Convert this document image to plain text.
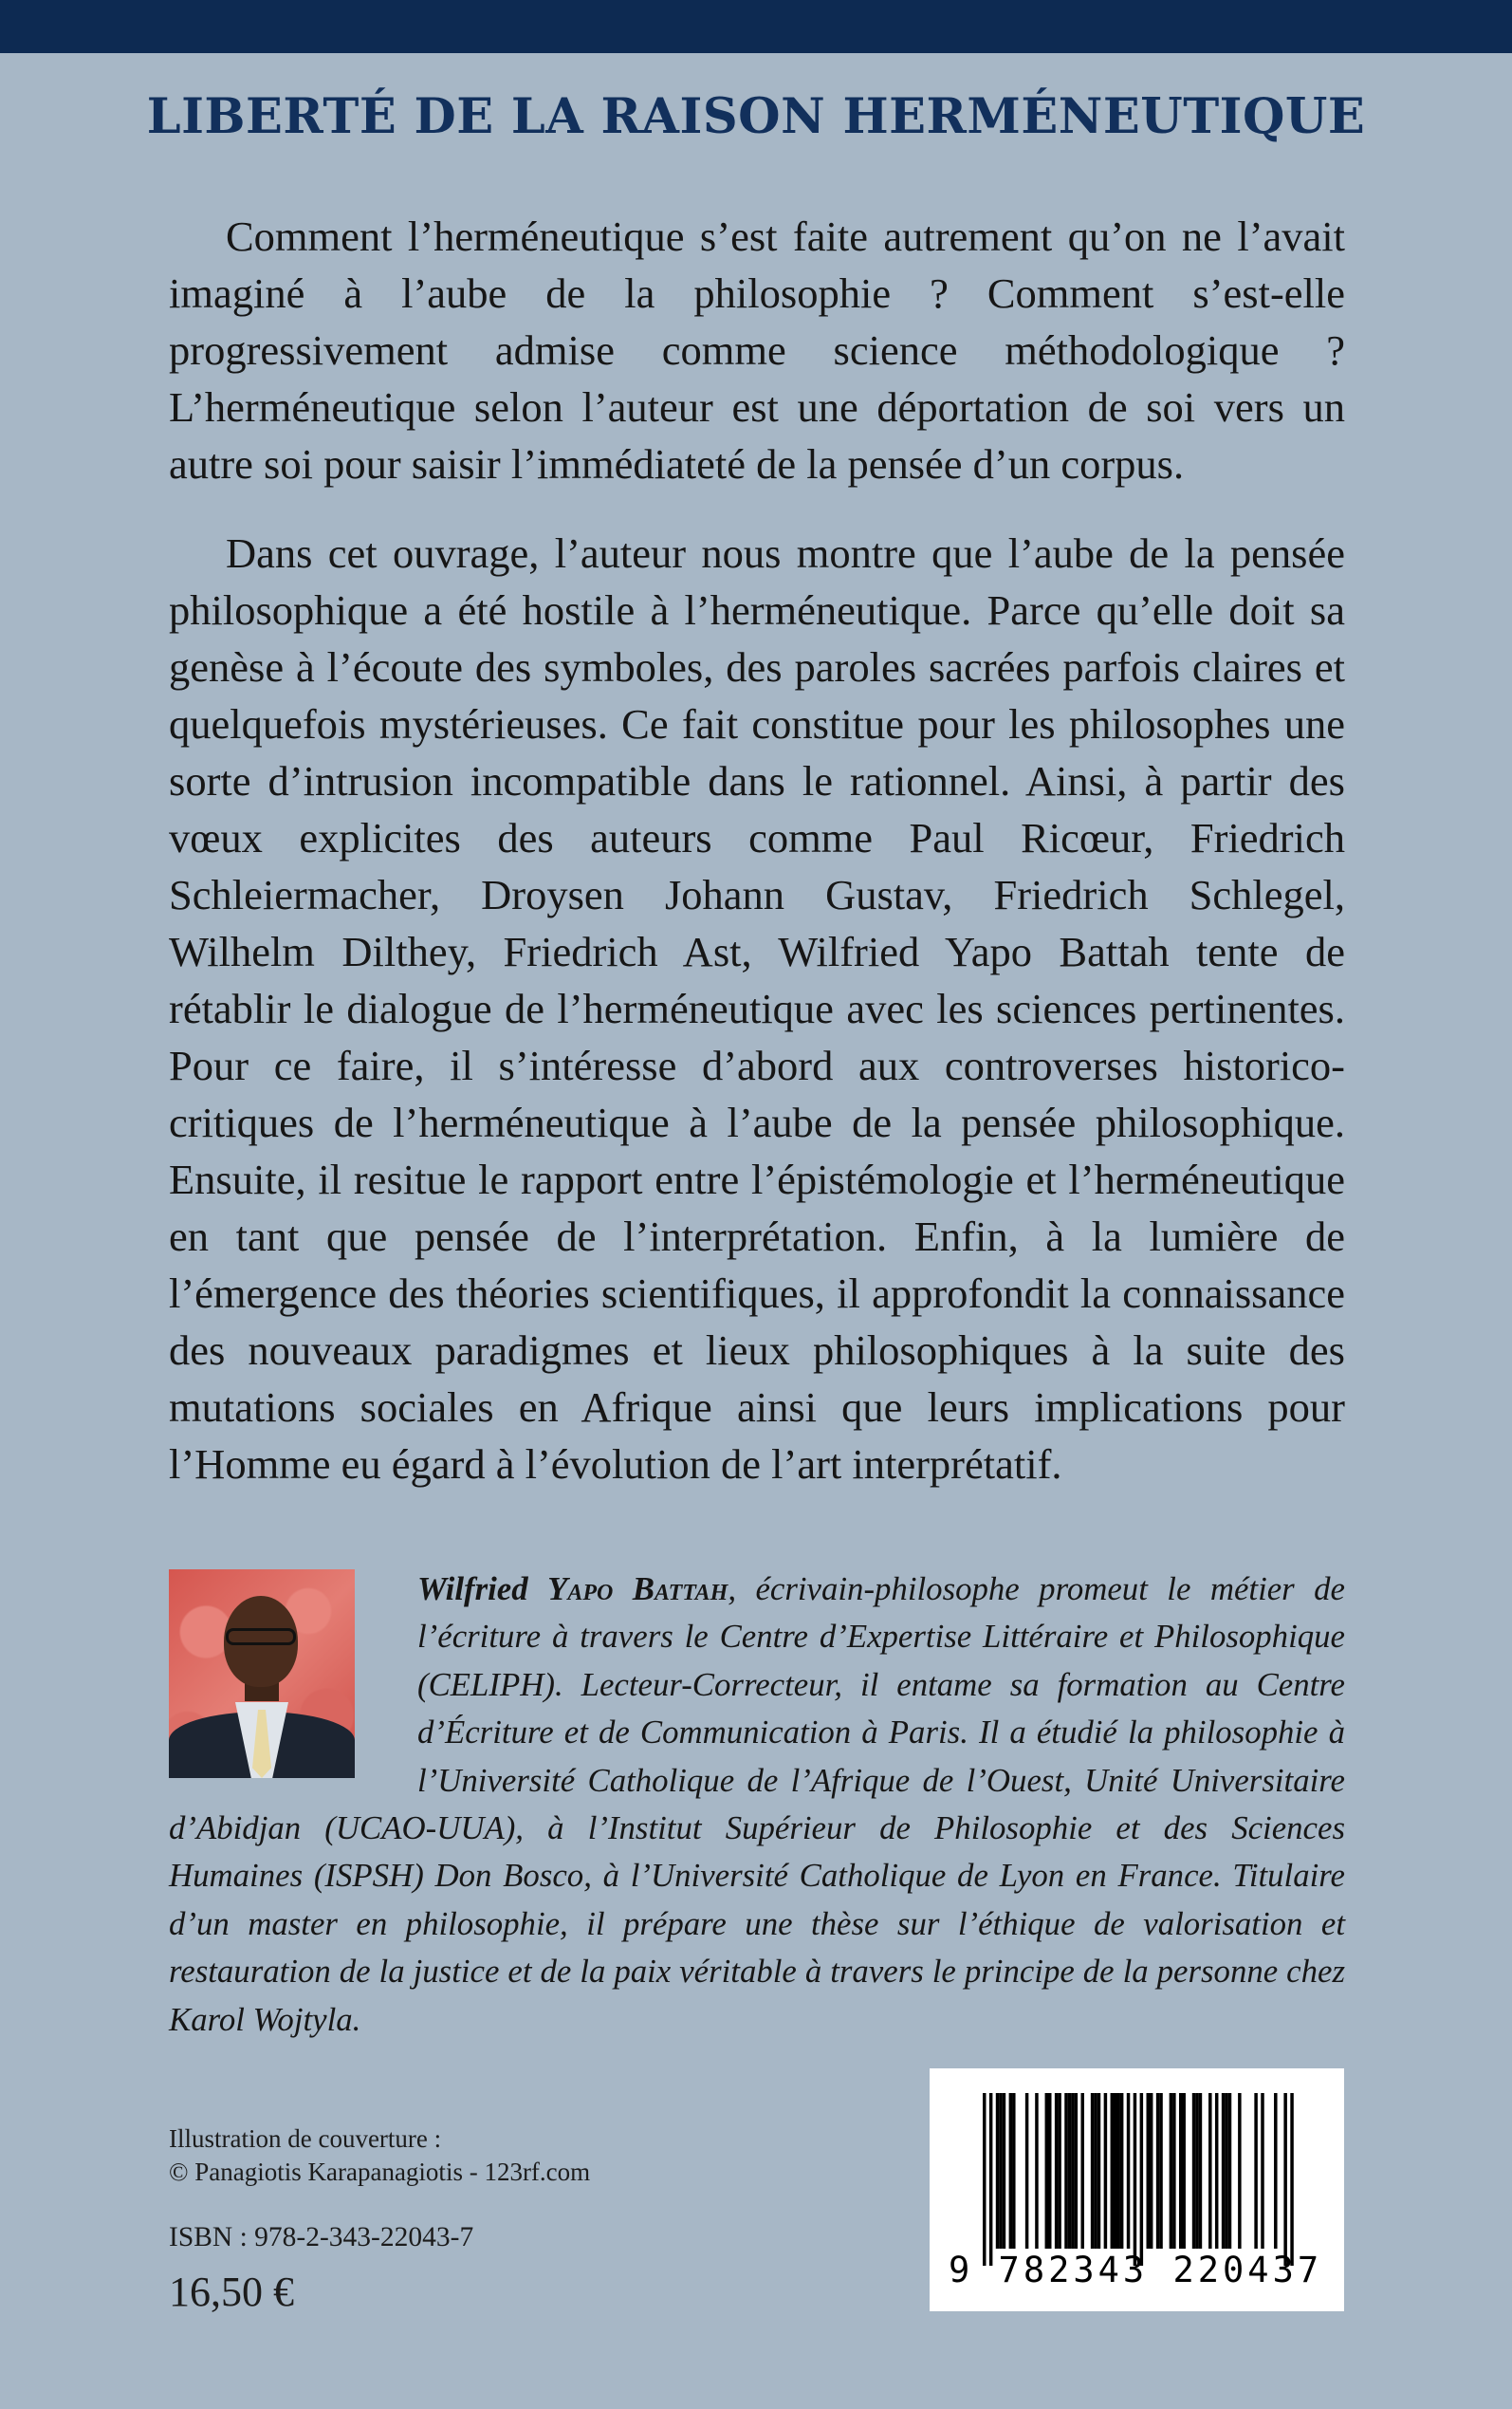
LIBERTÉ DE LA RAISON HERMÉNEUTIQUE

Comment l’herméneutique s’est faite autrement qu’on ne l’avait imaginé à l’aube de la philosophie ? Comment s’est-elle progressivement admise comme science méthodologique ? L’herméneutique selon l’auteur est une déportation de soi vers un autre soi pour saisir l’immédiateté de la pensée d’un corpus.

Dans cet ouvrage, l’auteur nous montre que l’aube de la pensée philosophique a été hostile à l’herméneutique. Parce qu’elle doit sa genèse à l’écoute des symboles, des paroles sacrées parfois claires et quelquefois mystérieuses. Ce fait constitue pour les philosophes une sorte d’intrusion incompatible dans le rationnel. Ainsi, à partir des vœux explicites des auteurs comme Paul Ricœur, Friedrich Schleiermacher, Droysen Johann Gustav, Friedrich Schlegel, Wilhelm Dilthey, Friedrich Ast, Wilfried Yapo Battah tente de rétablir le dialogue de l’herméneutique avec les sciences pertinentes. Pour ce faire, il s’intéresse d’abord aux controverses historico-critiques de l’herméneutique à l’aube de la pensée philosophique. Ensuite, il resitue le rapport entre l’épistémologie et l’herméneutique en tant que pensée de l’interprétation. Enfin, à la lumière de l’émergence des théories scientifiques, il approfondit la connaissance des nouveaux paradigmes et lieux philosophiques à la suite des mutations sociales en Afrique ainsi que leurs implications pour l’Homme eu égard à l’évolution de l’art interprétatif.

Wilfried Yapo Battah, écrivain-philosophe promeut le métier de l’écriture à travers le Centre d’Expertise Littéraire et Philosophique (CELIPH). Lecteur-Correcteur, il entame sa formation au Centre d’Écriture et de Communication à Paris. Il a étudié la philosophie à l’Université Catholique de l’Afrique de l’Ouest, Unité Universitaire d’Abidjan (UCAO-UUA), à l’Institut Supérieur de Philosophie et des Sciences Humaines (ISPSH) Don Bosco, à l’Université Catholique de Lyon en France. Titulaire d’un master en philosophie, il prépare une thèse sur l’éthique de valorisation et restauration de la justice et de la paix véritable à travers le principe de la personne chez Karol Wojtyla.
Illustration de couverture :
© Panagiotis Karapanagiotis - 123rf.com
ISBN : 978-2-343-22043-7
16,50 €	9 782343 220437
